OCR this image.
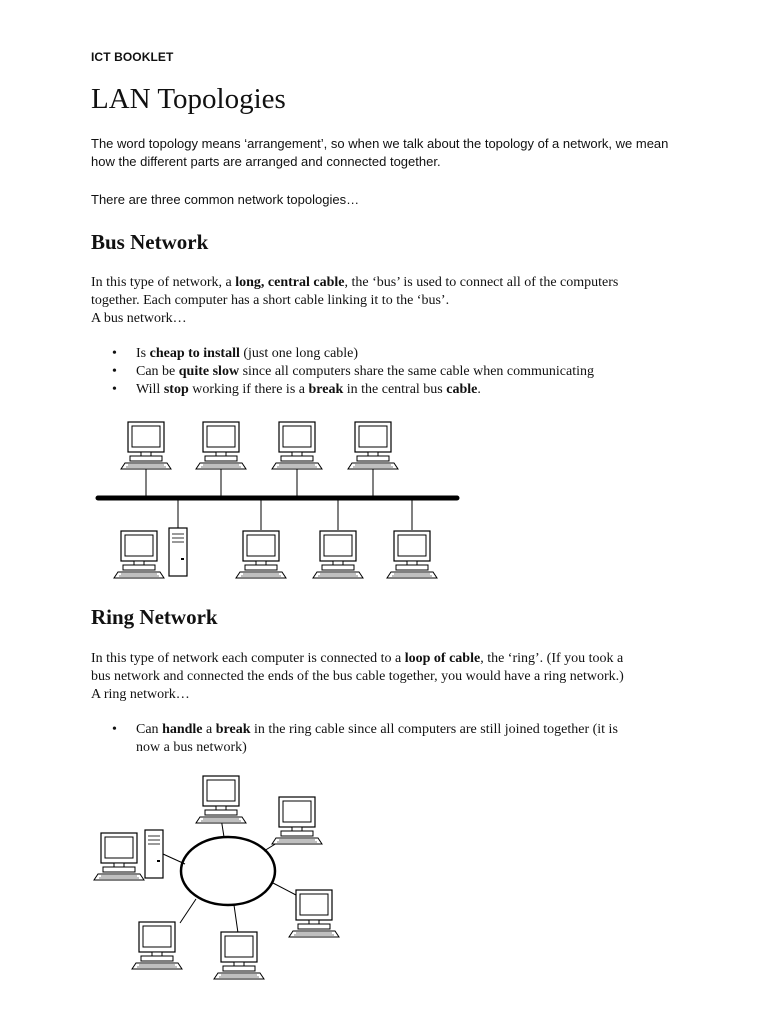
ICT BOOKLET
LAN Topologies

The word topology means ‘arrangement’, so when we talk about the topology of a network, we mean
how the different parts are arranged and connected together.

There are three common network topologies…

Bus Network

In this type of network, a long, central cable, the ‘bus’ is used to connect all of the computers
together. Each computer has a short cable linking it to the ‘bus’.
A bus network…

• Is cheap to install (just one long cable)
• Can be quite slow since all computers share the same cable when communicating
• Will stop working if there is a break in the central bus cable.
Ring Network

In this type of network each computer is connected to a loop of cable, the ‘ring’. (If you took a
bus network and connected the ends of the bus cable together, you would have a ring network.)
A ring network…

• Can handle a break in the ring cable since all computers are still joined together (it is
now a bus network)
